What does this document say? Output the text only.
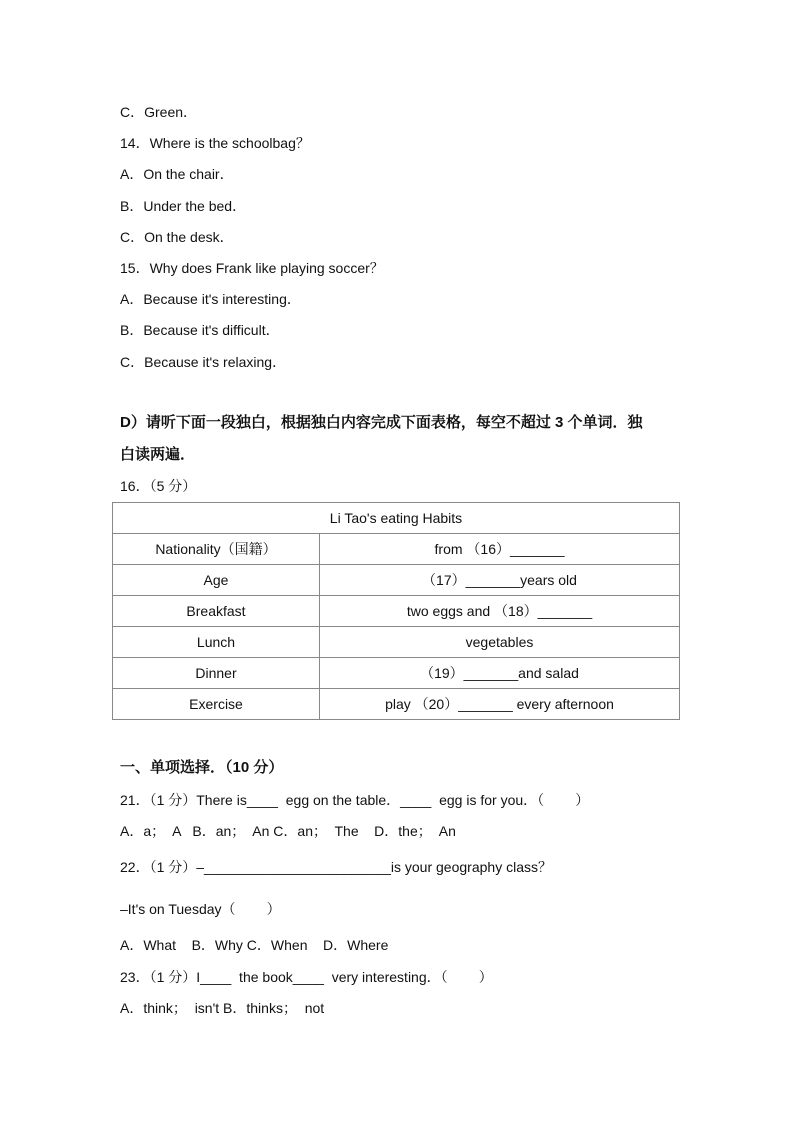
C．Green．
14．Where is the schoolbag？
A．On the chair．
B．Under the bed．
C．On the desk．
15．Why does Frank like playing soccer？
A．Because it's interesting．
B．Because it's difficult．
C．Because it's relaxing．
D）请听下面一段独白，根据独白内容完成下面表格，每空不超过 3 个单词．独
白读两遍．
16．（5 分）
Li Tao's eating Habits	
Nationality（国籍）	from （16）_______
Age	（17）_______years old
Breakfast	two eggs and （18）_______
Lunch	vegetables
Dinner	（19）_______and salad
Exercise	play （20）_______ every afternoon
一、单项选择．（10 分）
21．（1 分）There is____  egg on the table．____  egg is for you．（        ）
A．a；  A   B．an；  An C．an；  The    D．the；  An
22．（1 分）–________________________is your geography class？
–It's on Tuesday（        ）
A．What    B．Why C．When    D．Where
23．（1 分）I____  the book____  very interesting．（        ）
A．think；  isn't B．thinks；  not
